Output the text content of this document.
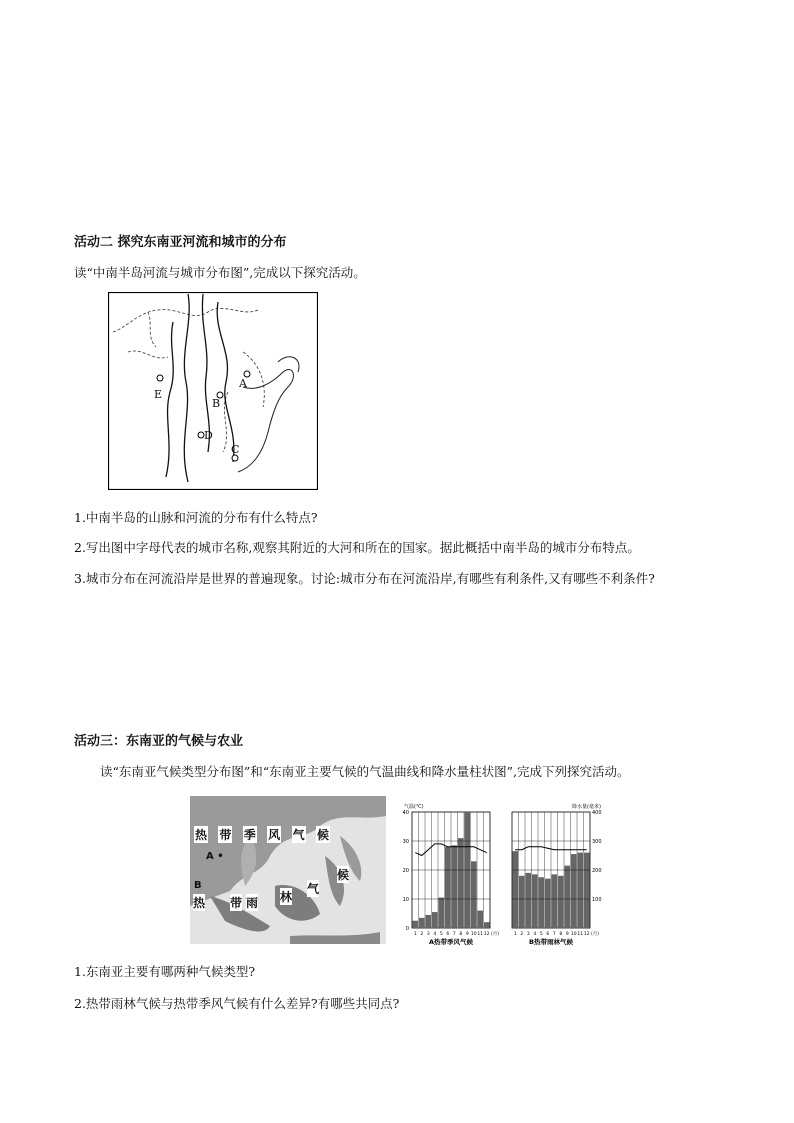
活动二 探究东南亚河流和城市的分布
读“中南半岛河流与城市分布图”,完成以下探究活动。
A
B
C
D
E
1.中南半岛的山脉和河流的分布有什么特点?
2.写出图中字母代表的城市名称,观察其附近的大河和所在的国家。据此概括中南半岛的城市分布特点。
3.城市分布在河流沿岸是世界的普遍现象。讨论:城市分布在河流沿岸,有哪些有利条件,又有哪些不利条件?
活动三：东南亚的气候与农业
读“东南亚气候类型分布图”和“东南亚主要气候的气温曲线和降水量柱状图”,完成下列探究活动。
热 带 季 风 气 候
A •
B
热 带 雨 林
气
候
0
10
20
30
40
气温(℃)
1 2 3 4 5 6 7 8 9 10 11 12 (月)
A热带季风气候
100
200
300
400
降水量(毫米)
1 2 3 4 5 6 7 8 9 10 11 12 (月)
B热带雨林气候
1.东南亚主要有哪两种气候类型?
2.热带雨林气候与热带季风气候有什么差异?有哪些共同点?
